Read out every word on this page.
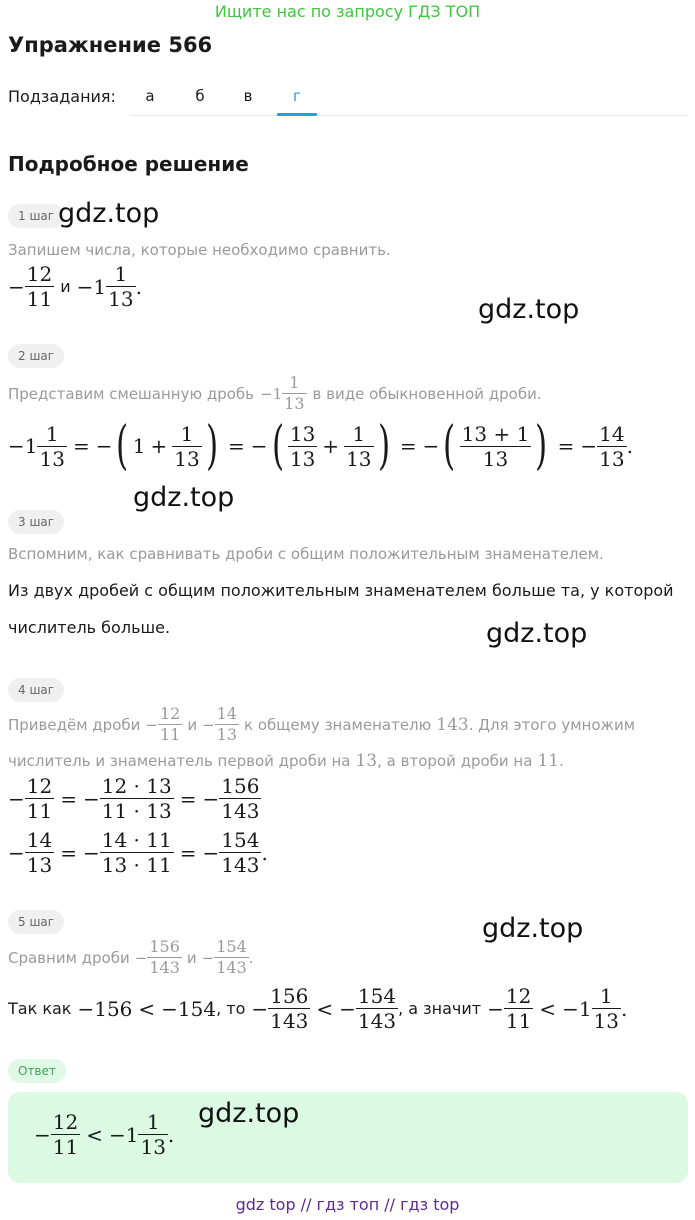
Ищите нас по запросу ГДЗ ТОП
Упражнение 566
Подзадания:	а	б	в	г
Подробное решение
1 шаг gdz.top
Запишем числа, которые необходимо сравнить.
− $\frac{12}{11}$ $и -1 \frac{1}{13}$ .
gdz.top
2 шаг
Представим смешанную дробь $-1 \frac{1}{13}$ в виде обыкновенной дроби.
$-1 \frac{1}{13}$ = − ( $1 + \frac{1}{13}$ ) = − ( $\frac{13}{13} + \frac{1}{13}$ ) = − ( $\frac{13 + 1}{13}$ ) = − $\frac{14}{13}$ .
gdz.top
3 шаг
Вспомним, как сравнивать дроби с общим положительным знаменателем.
Из двух дробей с общим положительным знаменателем больше та, у которой
числитель больше.	gdz.top
4 шаг
Приведём дроби − $\frac{12}{11}$ $и - \frac{14}{13}$ к общему знаменателю 143 . Для этого умножим
числитель и знаменатель первой дроби на 13 , а второй дроби на 11 .
− $\frac{12}{11}$ = − $\frac{12 \cdot 13}{11 \cdot 13}$ = − $\frac{156}{143}$
− $\frac{14}{13}$ = − $\frac{14 \cdot 11}{13 \cdot 11}$ = − $\frac{154}{143}$ .
5 шаг	gdz.top
Сравним дроби − $\frac{156}{143}$ $и - \frac{154}{143}$ .
Так как −156 < −154 , то − $\frac{156}{143}$ < − $\frac{154}{143}$ , а значит − $\frac{12}{11} < -1 \frac{1}{13}$ .
Ответ
− $\frac{12}{11} < -1 \frac{1}{13}$ .
gdz.top
gdz top // гдз топ // гдз top
